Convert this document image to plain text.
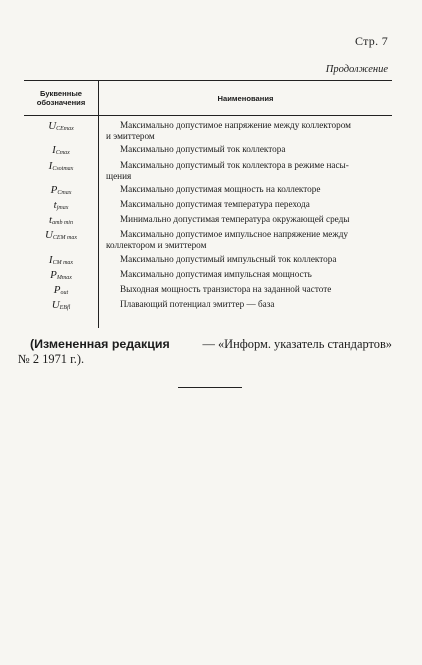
Стр. 7
Продолжение
Буквенные обозначения	Наименования
$U_{CEmax}$	Максимально допустимое напряжение между коллектором
и эмиттером
$I_{Cmax}$	Максимально допустимый ток коллектора
$I_{Csotmax}$	Максимально допустимый ток коллектора в режиме насы-
щения
$P_{Cmax}$	Максимально допустимая мощность на коллекторе
$t_{jmax}$	Максимально допустимая температура перехода
$t_{amb min}$	Минимально допустимая температура окружающей среды
$U_{CEM max}$	Максимально допустимое импульсное напряжение между
коллектором и эмиттером
$I_{CM max}$	Максимально допустимый импульсный ток коллектора
$P_{Mmax}$	Максимально допустимая импульсная мощность
$P_{out}$	Выходная мощность транзистора на заданной частоте
$U_{EBfl}$	Плавающий потенциал эмиттер — база
(Измененная редакция	— «Информ. указатель стандартов»
№ 2 1971 г.).
